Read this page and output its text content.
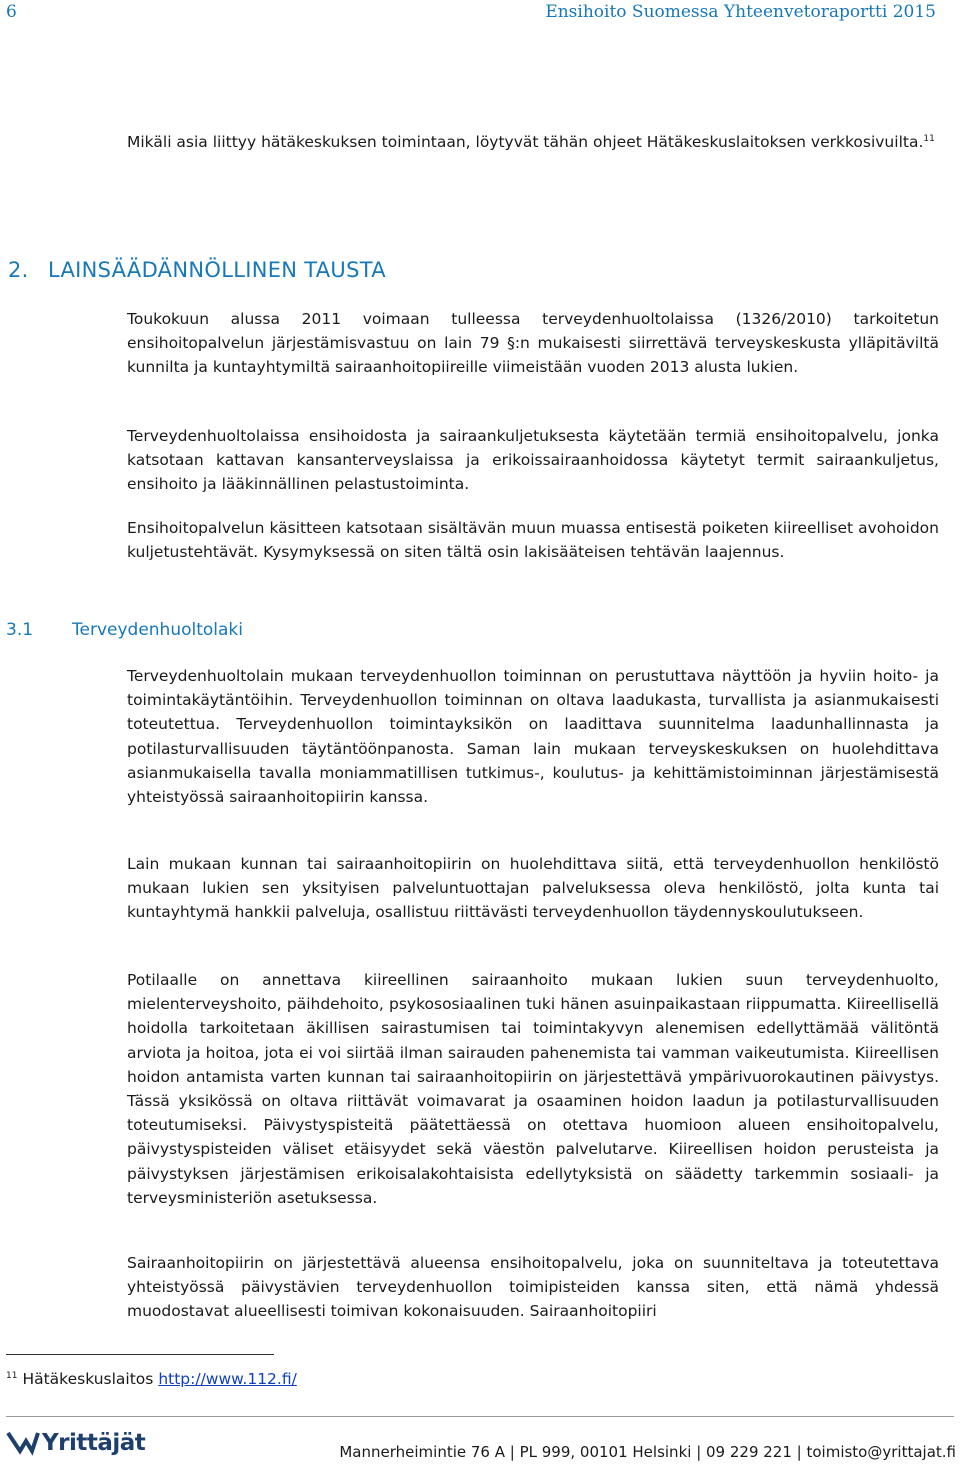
6	Ensihoito Suomessa Yhteenvetoraportti 2015

Mikäli asia liittyy hätäkeskuksen toimintaan, löytyvät tähän ohjeet Hätäkeskuslaitoksen verkkosivuilta.$^{11}$

2. LAINSÄÄDÄNNÖLLINEN TAUSTA

Toukokuun alussa 2011 voimaan tulleessa terveydenhuoltolaissa (1326/2010) tarkoitetun ensihoitopalvelun järjestämisvastuu on lain 79 §:n mukaisesti siirrettävä terveyskeskusta ylläpitäviltä kunnilta ja kuntayhtymiltä sairaanhoitopiireille viimeistään vuoden 2013 alusta lukien.

Terveydenhuoltolaissa ensihoidosta ja sairaankuljetuksesta käytetään termiä ensihoitopalvelu, jonka katsotaan kattavan kansanterveyslaissa ja erikoissairaanhoidossa käytetyt termit sairaankuljetus, ensihoito ja lääkinnällinen pelastustoiminta.

Ensihoitopalvelun käsitteen katsotaan sisältävän muun muassa entisestä poiketen kiireelliset avohoidon kuljetustehtävät. Kysymyksessä on siten tältä osin lakisääteisen tehtävän laajennus.

3.1 Terveydenhuoltolaki

Terveydenhuoltolain mukaan terveydenhuollon toiminnan on perustuttava näyttöön ja hyviin hoito- ja toimintakäytäntöihin. Terveydenhuollon toiminnan on oltava laadukasta, turvallista ja asianmukaisesti toteutettua. Terveydenhuollon toimintayksikön on laadittava suunnitelma laadunhallinnasta ja potilasturvallisuuden täytäntöönpanosta. Saman lain mukaan terveyskeskuksen on huolehdittava asianmukaisella tavalla moniammatillisen tutkimus-, koulutus- ja kehittämistoiminnan järjestämisestä yhteistyössä sairaanhoitopiirin kanssa.

Lain mukaan kunnan tai sairaanhoitopiirin on huolehdittava siitä, että terveydenhuollon henkilöstö mukaan lukien sen yksityisen palveluntuottajan palveluksessa oleva henkilöstö, jolta kunta tai kuntayhtymä hankkii palveluja, osallistuu riittävästi terveydenhuollon täydennyskoulutukseen.

Potilaalle on annettava kiireellinen sairaanhoito mukaan lukien suun terveydenhuolto, mielenterveyshoito, päihdehoito, psykososiaalinen tuki hänen asuinpaikastaan riippumatta. Kiireellisellä hoidolla tarkoitetaan äkillisen sairastumisen tai toimintakyvyn alenemisen edellyttämää välitöntä arviota ja hoitoa, jota ei voi siirtää ilman sairauden pahenemista tai vamman vaikeutumista. Kiireellisen hoidon antamista varten kunnan tai sairaanhoitopiirin on järjestettävä ympärivuorokautinen päivystys. Tässä yksikössä on oltava riittävät voimavarat ja osaaminen hoidon laadun ja potilasturvallisuuden toteutumiseksi. Päivystyspisteitä päätettäessä on otettava huomioon alueen ensihoitopalvelu, päivystyspisteiden väliset etäisyydet sekä väestön palvelutarve. Kiireellisen hoidon perusteista ja päivystyksen järjestämisen erikoisalakohtaisista edellytyksistä on säädetty tarkemmin sosiaali- ja terveysministeriön asetuksessa.

Sairaanhoitopiirin on järjestettävä alueensa ensihoitopalvelu, joka on suunniteltava ja toteutettava yhteistyössä päivystävien terveydenhuollon toimipisteiden kanssa siten, että nämä yhdessä muodostavat alueellisesti toimivan kokonaisuuden. Sairaanhoitopiiri

$^{11}$ Hätäkeskuslaitos http://www.112.fi/
Yrittäjät	Mannerheimintie 76 A | PL 999, 00101 Helsinki | 09 229 221 | toimisto@yrittajat.fi
